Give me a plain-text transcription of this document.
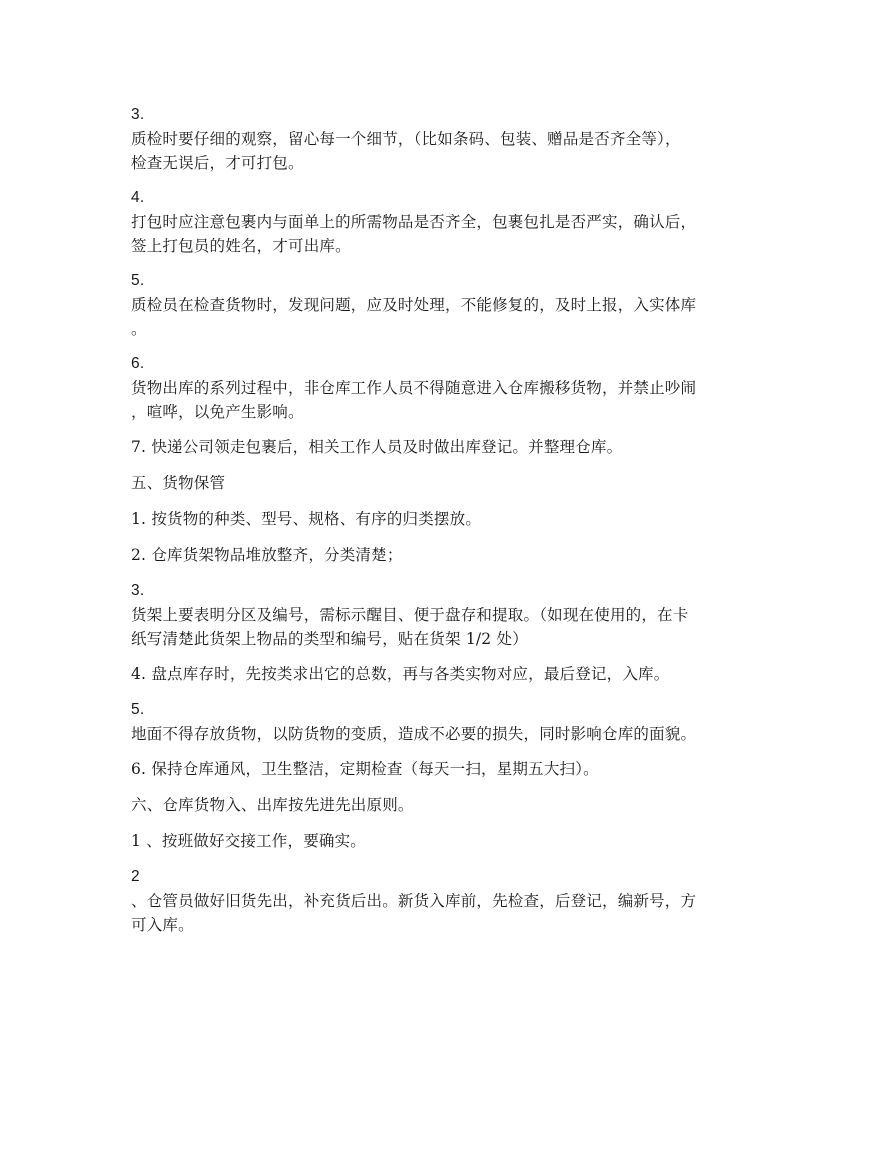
3.
质检时要仔细的观察，留心每一个细节，（比如条码、包装、赠品是否齐全等），
检查无误后，才可打包。

4.
打包时应注意包裹内与面单上的所需物品是否齐全，包裹包扎是否严实，确认后，
签上打包员的姓名，才可出库。

5.
质检员在检查货物时，发现问题，应及时处理，不能修复的，及时上报，入实体库
。

6.
货物出库的系列过程中，非仓库工作人员不得随意进入仓库搬移货物，并禁止吵闹
，喧哗，以免产生影响。

7. 快递公司领走包裹后，相关工作人员及时做出库登记。并整理仓库。

五、货物保管

1. 按货物的种类、型号、规格、有序的归类摆放。

2. 仓库货架物品堆放整齐，分类清楚；

3.
货架上要表明分区及编号，需标示醒目、便于盘存和提取。（如现在使用的，在卡
纸写清楚此货架上物品的类型和编号，贴在货架 1/2 处）

4. 盘点库存时，先按类求出它的总数，再与各类实物对应，最后登记，入库。

5.
地面不得存放货物，以防货物的变质，造成不必要的损失，同时影响仓库的面貌。

6. 保持仓库通风，卫生整洁，定期检查（每天一扫，星期五大扫）。

六、仓库货物入、出库按先进先出原则。

1 、按班做好交接工作，要确实。

2
、仓管员做好旧货先出，补充货后出。新货入库前，先检查，后登记，编新号，方
可入库。
